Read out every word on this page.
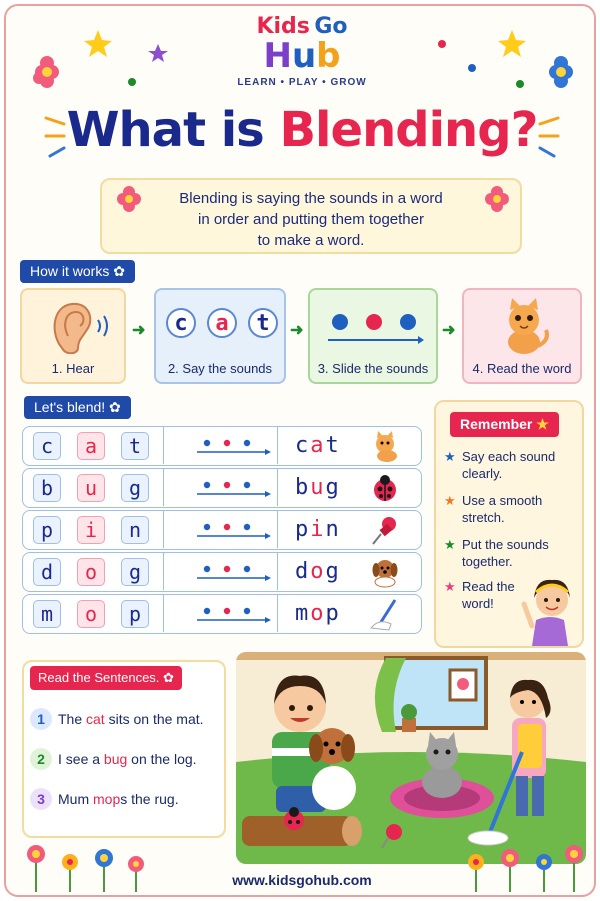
Kids Go
Hub
LEARN • PLAY • GROW
What is Blending?
Blending is saying the sounds in a word
in order and putting them together
to make a word.
How it works ✿
1. Hear
➜	c	a	t
2. Say the sounds
➜
3. Slide the sounds
➜
4. Read the word
Let's blend! ✿
c	a	t	cat
b	u	g	bug
p	i	n	pin
d	o	g	dog
m	o	p	mop
Remember ★
★ Say each sound
clearly.
★ Use a smooth
stretch.
★ Put the sounds
together.
★ Read the
word!
Read the Sentences. ✿
1 The cat sits on the mat.
2 I see a bug on the log.
3 Mum mops the rug.
www.kidsgohub.com
